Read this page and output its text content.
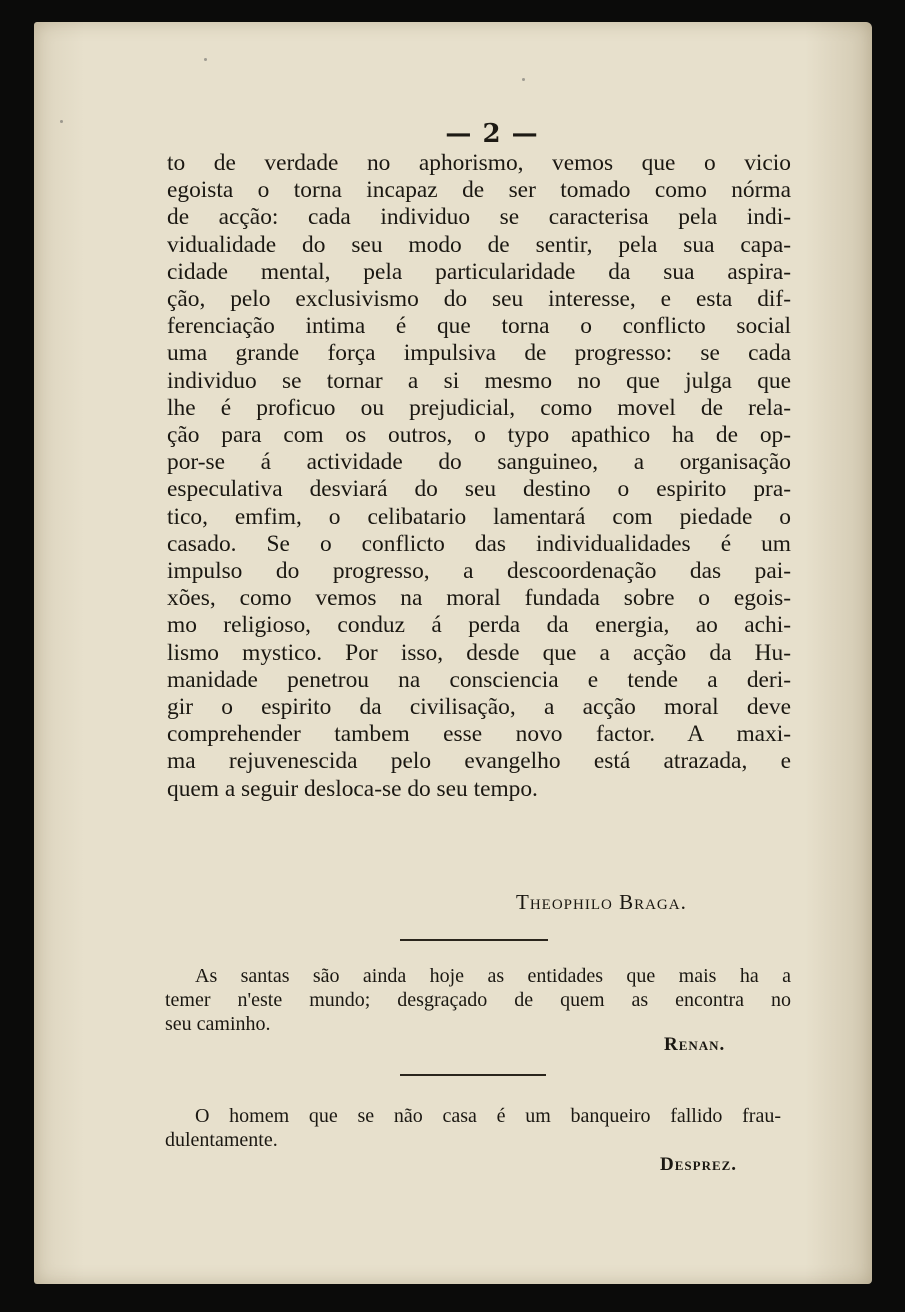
— 2 —
to de verdade no aphorismo, vemos que o vicio
egoista o torna incapaz de ser tomado como nórma
de acção: cada individuo se caracterisa pela indi-
vidualidade do seu modo de sentir, pela sua capa-
cidade mental, pela particularidade da sua aspira-
ção, pelo exclusivismo do seu interesse, e esta dif-
ferenciação intima é que torna o conflicto social
uma grande força impulsiva de progresso: se cada
individuo se tornar a si mesmo no que julga que
lhe é proficuo ou prejudicial, como movel de rela-
ção para com os outros, o typo apathico ha de op-
por-se á actividade do sanguineo, a organisação
especulativa desviará do seu destino o espirito pra-
tico, emfim, o celibatario lamentará com piedade o
casado. Se o conflicto das individualidades é um
impulso do progresso, a descoordenação das pai-
xões, como vemos na moral fundada sobre o egois-
mo religioso, conduz á perda da energia, ao achi-
lismo mystico. Por isso, desde que a acção da Hu-
manidade penetrou na consciencia e tende a deri-
gir o espirito da civilisação, a acção moral deve
comprehender tambem esse novo factor. A maxi-
ma rejuvenescida pelo evangelho está atrazada, e
quem a seguir desloca-se do seu tempo.
Theophilo Braga.
As santas são ainda hoje as entidades que mais ha a
temer n'este mundo; desgraçado de quem as encontra no
seu caminho.
Renan.
O homem que se não casa é um banqueiro fallido frau-
dulentamente.
Desprez.
